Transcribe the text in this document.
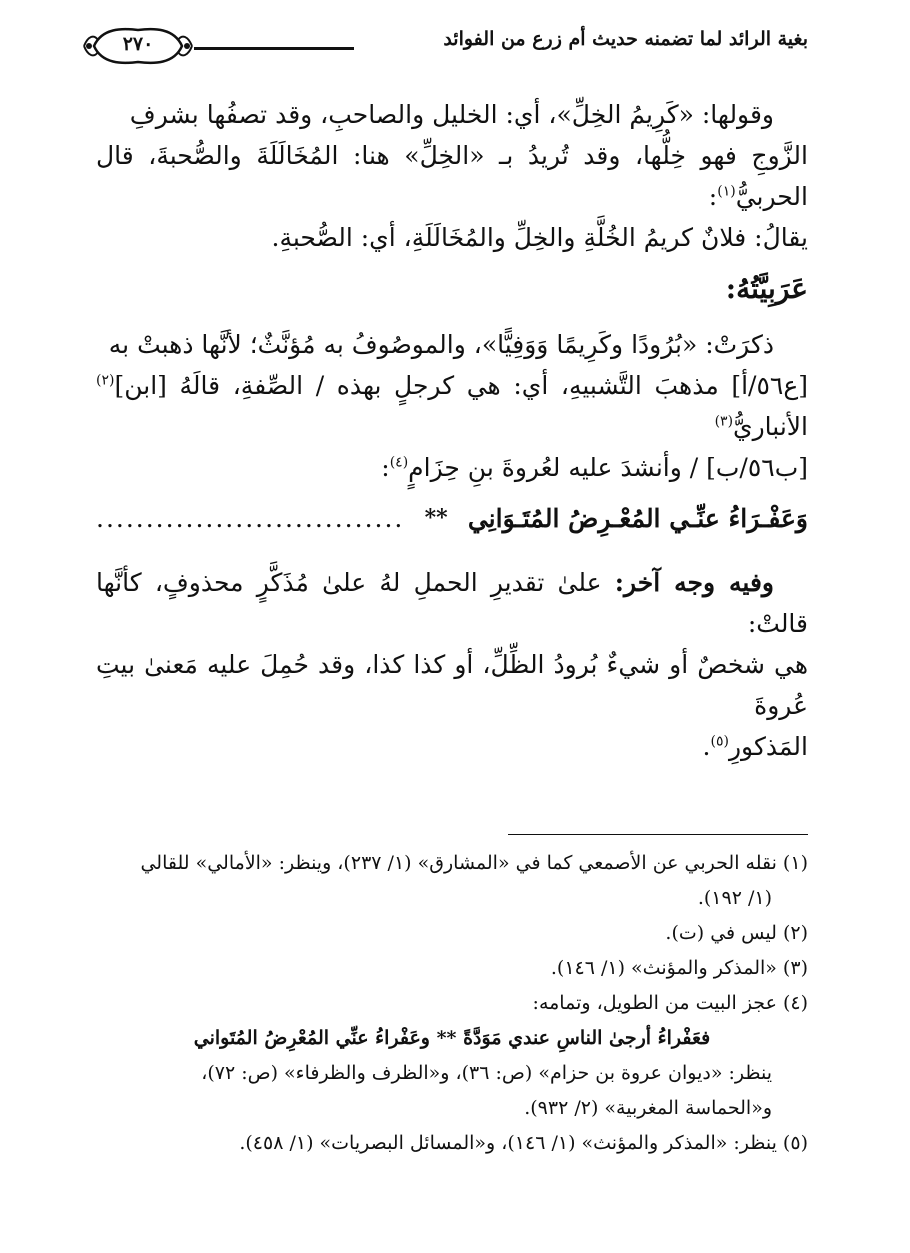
بغية الرائد لما تضمنه حديث أم زرع من الفوائد
٢٧٠

وقولها: «كَرِيمُ الخِلِّ»، أي: الخليل والصاحبِ، وقد تصفُها بشرفِ

الزَّوجِ فهو خِلُّها، وقد تُريدُ بـ «الخِلِّ» هنا: المُخَالَلَةَ والصُّحبةَ، قال الحربيُّ$^{(١)}$:

يقالُ: فلانٌ كريمُ الخُلَّةِ والخِلِّ والمُخَالَلَةِ، أي: الصُّحبةِ.

عَرَبِيَّتُهُ:

ذكرَتْ: «بُرُودًا وكَرِيمًا وَوَفِيًّا»، والموصُوفُ به مُؤنَّثٌ؛ لأنَّها ذهبتْ به

[ع٥٦/أ] مذهبَ التَّشبيهِ، أي: هي كرجلٍ بهذه / الصِّفةِ، قالَهُ [ابن]$^{(٢)}$ الأنباريُّ$^{(٣)}$

[ب٥٦/ب] / وأنشدَ عليه لعُروةَ بنِ حِزَامٍ$^{(٤)}$:

وَعَفْـرَاءُ عنِّـي المُعْـرِضُ المُتَـوَانِي
**
...............................

وفيه وجه آخر: علىٰ تقديرِ الحملِ لهُ علىٰ مُذَكَّرٍ محذوفٍ، كأنَّها قالتْ:

هي شخصٌ أو شيءٌ بُرودُ الظِّلِّ، أو كذا كذا، وقد حُمِلَ عليه مَعنىٰ بيتِ عُروةَ

المَذكورِ$^{(٥)}$.

(١) نقله الحربي عن الأصمعي كما في «المشارق» (١/ ٢٣٧)، وينظر: «الأمالي» للقالي

(١/ ١٩٢).

(٢) ليس في (ت).

(٣) «المذكر والمؤنث» (١/ ١٤٦).

(٤) عجز البيت من الطويل، وتمامه:

فعَفْراءُ أرجىٰ الناسِ عندي مَوَدَّةً ** وعَفْراءُ عنِّي المُعْرِضُ المُتَواني

ينظر: «ديوان عروة بن حزام» (ص: ٣٦)، و«الظرف والظرفاء» (ص: ٧٢)،

و«الحماسة المغربية» (٢/ ٩٣٢).

(٥) ينظر: «المذكر والمؤنث» (١/ ١٤٦)، و«المسائل البصريات» (١/ ٤٥٨).
